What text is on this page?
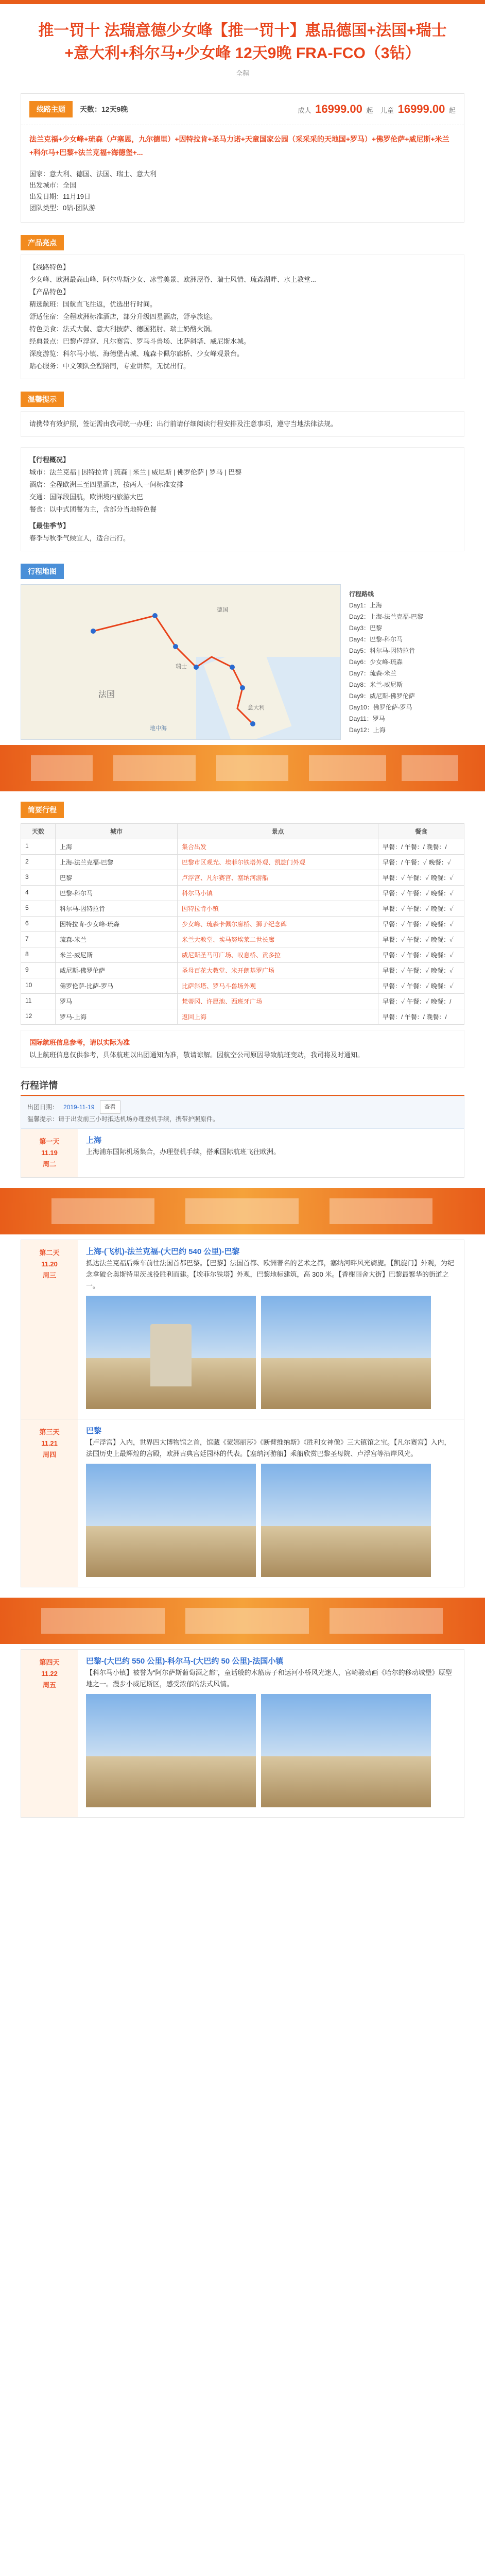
推一罚十 法瑞意德少女峰【推一罚十】惠品德国+法国+瑞士+意大利+科尔马+少女峰 12天9晚 FRA-FCO（3钻）
全程
线路主题	天数：12天9晚	成人 16999.00 起 儿童 16999.00 起
法兰克福+少女峰+琉森（卢塞恩，九尔德里）+因特拉肯+圣马力诺+天童国家公园（采采采的天地国+罗马）+佛罗伦萨+威尼斯+米兰+科尔马+巴黎+法兰克福+海德堡+...
国家：意大利、德国、法国、瑞士、意大利
出发城市：全国
出发日期：11月19日
团队类型：0钻·团队游
产品亮点
【线路特色】
少女峰、欧洲最高山峰、阿尔卑斯少女、冰雪美景、欧洲屋脊、瑞士风情、琉森湖畔、水上教堂...
【产品特色】
精选航班：国航直飞往返，优选出行时间。
舒适住宿：全程欧洲标准酒店，部分升级四星酒店，舒享旅途。
特色美食：法式大餐、意大利披萨、德国猪肘、瑞士奶酪火锅。
经典景点：巴黎卢浮宫、凡尔赛宫、罗马斗兽场、比萨斜塔、威尼斯水城。
深度游览：科尔马小镇、海德堡古城、琉森卡佩尔廊桥、少女峰观景台。
贴心服务：中文领队全程陪同，专业讲解，无忧出行。
温馨提示
请携带有效护照，签证需由我司统一办理；出行前请仔细阅读行程安排及注意事项，遵守当地法律法规。
【行程概况】
城市：法兰克福 | 因特拉肯 | 琉森 | 米兰 | 威尼斯 | 佛罗伦萨 | 罗马 | 巴黎
酒店：全程欧洲三至四星酒店，按两人一间标准安排
交通：国际段国航，欧洲境内旅游大巴
餐食：以中式团餐为主，含部分当地特色餐
【最佳季节】
春季与秋季气候宜人，适合出行。
行程地图
法国
瑞士
意大利
德国
地中海
行程路线
Day1：上海
Day2：上海-法兰克福-巴黎
Day3：巴黎
Day4：巴黎-科尔马
Day5：科尔马-因特拉肯
Day6：少女峰-琉森
Day7：琉森-米兰
Day8：米兰-威尼斯
Day9：威尼斯-佛罗伦萨
Day10：佛罗伦萨-罗马
Day11：罗马
Day12：上海
简要行程
天数	城市	景点	餐食
1	上海	集合出发	早餐：/ 午餐：/ 晚餐：/
2	上海-法兰克福-巴黎	巴黎市区观光、埃菲尔铁塔外观、凯旋门外观	早餐：/ 午餐：✓ 晚餐：✓
3	巴黎	卢浮宫、凡尔赛宫、塞纳河游船	早餐：✓ 午餐：✓ 晚餐：✓
4	巴黎-科尔马	科尔马小镇	早餐：✓ 午餐：✓ 晚餐：✓
5	科尔马-因特拉肯	因特拉肯小镇	早餐：✓ 午餐：✓ 晚餐：✓
6	因特拉肯-少女峰-琉森	少女峰、琉森卡佩尔廊桥、狮子纪念碑	早餐：✓ 午餐：✓ 晚餐：✓
7	琉森-米兰	米兰大教堂、埃马努埃莱二世长廊	早餐：✓ 午餐：✓ 晚餐：✓
8	米兰-威尼斯	威尼斯圣马可广场、叹息桥、贡多拉	早餐：✓ 午餐：✓ 晚餐：✓
9	威尼斯-佛罗伦萨	圣母百花大教堂、米开朗基罗广场	早餐：✓ 午餐：✓ 晚餐：✓
10	佛罗伦萨-比萨-罗马	比萨斜塔、罗马斗兽场外观	早餐：✓ 午餐：✓ 晚餐：✓
11	罗马	梵蒂冈、许愿池、西班牙广场	早餐：✓ 午餐：✓ 晚餐：/
12	罗马-上海	返回上海	早餐：/ 午餐：/ 晚餐：/
国际航班信息参考，请以实际为准
以上航班信息仅供参考，具体航班以出团通知为准，敬请谅解。因航空公司原因导致航班变动，我司将及时通知。
行程详情
出团日期： 2019-11-19	查看
温馨提示：请于出发前三小时抵达机场办理登机手续，携带护照原件。
第一天
11.19
周二
上海
上海浦东国际机场集合，办理登机手续，搭乘国际航班飞往欧洲。
第二天
11.20
周三
上海-(飞机)-法兰克福-(大巴约 540 公里)-巴黎
抵达法兰克福后乘车前往法国首都巴黎。【巴黎】法国首都、欧洲著名的艺术之都，塞纳河畔风光旖旎。【凯旋门】外观，为纪念拿破仑奥斯特里茨战役胜利而建。【埃菲尔铁塔】外观，巴黎地标建筑，高 300 米。【香榭丽舍大街】巴黎最繁华的街道之一。

第三天
11.21
周四
巴黎
【卢浮宫】入内，世界四大博物馆之首，馆藏《蒙娜丽莎》《断臂维纳斯》《胜利女神像》三大镇馆之宝。【凡尔赛宫】入内，法国历史上最辉煌的宫殿，欧洲古典宫廷园林的代表。【塞纳河游船】乘船欣赏巴黎圣母院、卢浮宫等沿岸风光。

第四天
11.22
周五
巴黎-(大巴约 550 公里)-科尔马-(大巴约 50 公里)-法国小镇
【科尔马小镇】被誉为“阿尔萨斯葡萄酒之都”，童话般的木筋房子和运河小桥风光迷人，宫崎骏动画《哈尔的移动城堡》原型地之一。漫步小威尼斯区，感受浓郁的法式风情。
